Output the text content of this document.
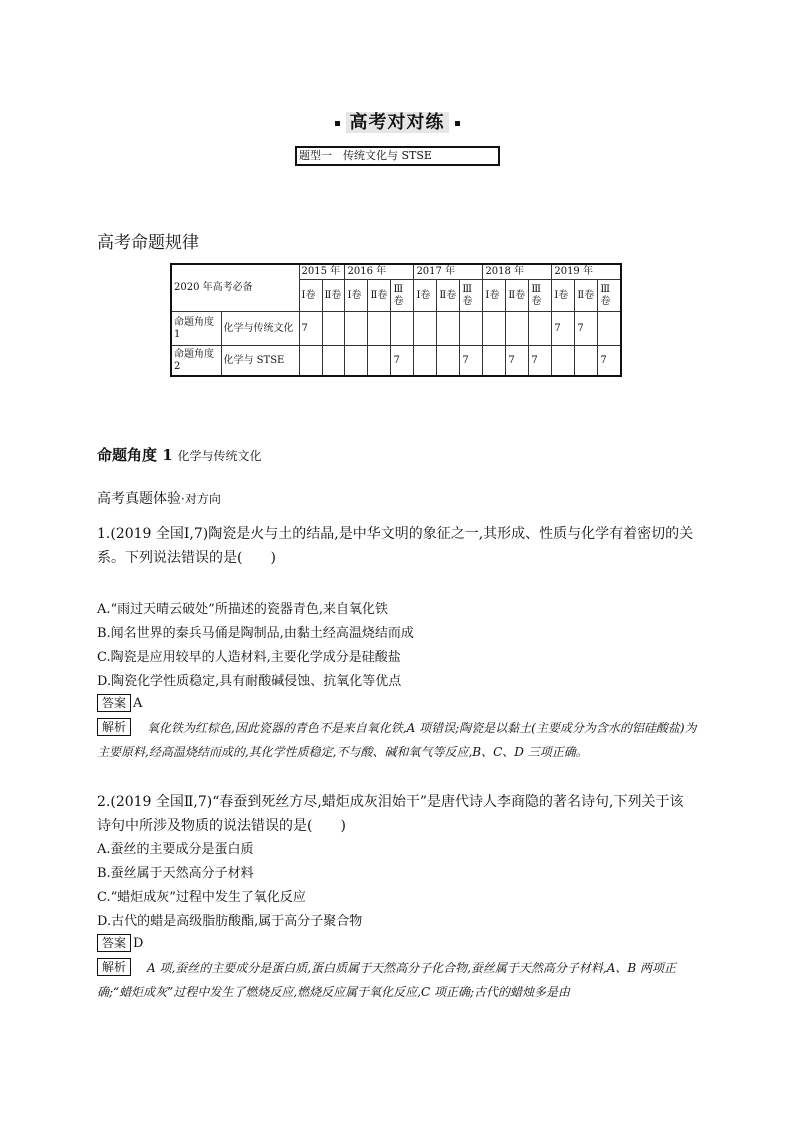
高考对对练
题型一　传统文化与 STSE
高考命题规律
2020 年高考必备		2015 年		2016 年			2017 年			2018 年			2019 年		
		Ⅰ卷	Ⅱ卷	Ⅰ卷	Ⅱ卷	Ⅲ卷	Ⅰ卷	Ⅱ卷	Ⅲ卷	Ⅰ卷	Ⅱ卷	Ⅲ卷	Ⅰ卷	Ⅱ卷	Ⅲ卷
命题角度 1	化学与传统文化	7											7	7	
命题角度 2	化学与 STSE					7			7		7	7			7
命题角度 1 化学与传统文化
高考真题体验·对方向

1.(2019 全国Ⅰ,7)陶瓷是火与土的结晶,是中华文明的象征之一,其形成、性质与化学有着密切的关系。下列说法错误的是(　　)

A.“雨过天晴云破处”所描述的瓷器青色,来自氧化铁
B.闻名世界的秦兵马俑是陶制品,由黏土经高温烧结而成
C.陶瓷是应用较早的人造材料,主要化学成分是硅酸盐
D.陶瓷化学性质稳定,具有耐酸碱侵蚀、抗氧化等优点
答案 A
解析	氧化铁为红棕色,因此瓷器的青色不是来自氧化铁,A 项错误;陶瓷是以黏土(主要成分为含水的铝硅酸盐)为主要原料,经高温烧结而成的,其化学性质稳定,不与酸、碱和氧气等反应,B、C、D 三项正确。

2.(2019 全国Ⅱ,7)“春蚕到死丝方尽,蜡炬成灰泪始干”是唐代诗人李商隐的著名诗句,下列关于该诗句中所涉及物质的说法错误的是(　　)

A.蚕丝的主要成分是蛋白质
B.蚕丝属于天然高分子材料
C.“蜡炬成灰”过程中发生了氧化反应
D.古代的蜡是高级脂肪酸酯,属于高分子聚合物
答案 D
解析	A 项,蚕丝的主要成分是蛋白质,蛋白质属于天然高分子化合物,蚕丝属于天然高分子材料,A、B 两项正确;“蜡炬成灰”过程中发生了燃烧反应,燃烧反应属于氧化反应,C 项正确;古代的蜡烛多是由
